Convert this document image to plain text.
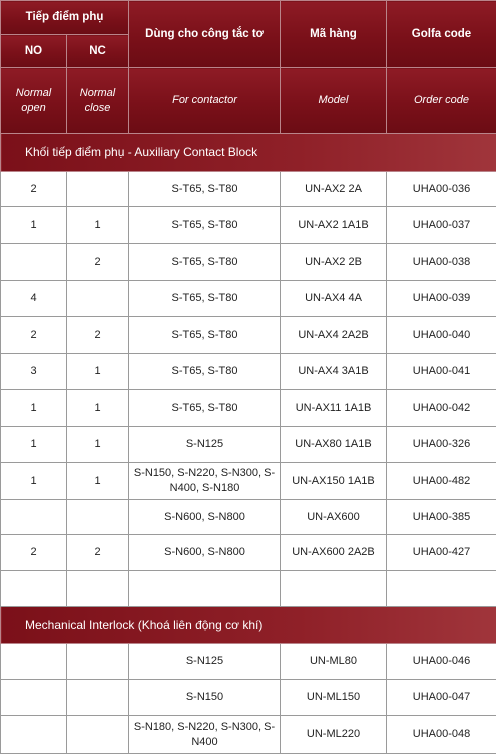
Tiếp điểm phụ		Dùng cho công tắc tơ	Mã hàng	Golfa code
NO	NC			
Normal open	Normal close	For contactor	Model	Order code
Khối tiếp điểm phụ - Auxiliary Contact Block				
2		S-T65, S-T80	UN-AX2 2A	UHA00-036
1	1	S-T65, S-T80	UN-AX2 1A1B	UHA00-037
	2	S-T65, S-T80	UN-AX2 2B	UHA00-038
4		S-T65, S-T80	UN-AX4 4A	UHA00-039
2	2	S-T65, S-T80	UN-AX4 2A2B	UHA00-040
3	1	S-T65, S-T80	UN-AX4 3A1B	UHA00-041
1	1	S-T65, S-T80	UN-AX11 1A1B	UHA00-042
1	1	S-N125	UN-AX80 1A1B	UHA00-326
1	1	S-N150, S-N220, S-N300, S-N400, S-N180	UN-AX150 1A1B	UHA00-482
		S-N600, S-N800	UN-AX600	UHA00-385
2	2	S-N600, S-N800	UN-AX600 2A2B	UHA00-427

Mechanical Interlock (Khoá liên động cơ khí)				
		S-N125	UN-ML80	UHA00-046
		S-N150	UN-ML150	UHA00-047
		S-N180, S-N220, S-N300, S-N400	UN-ML220	UHA00-048
